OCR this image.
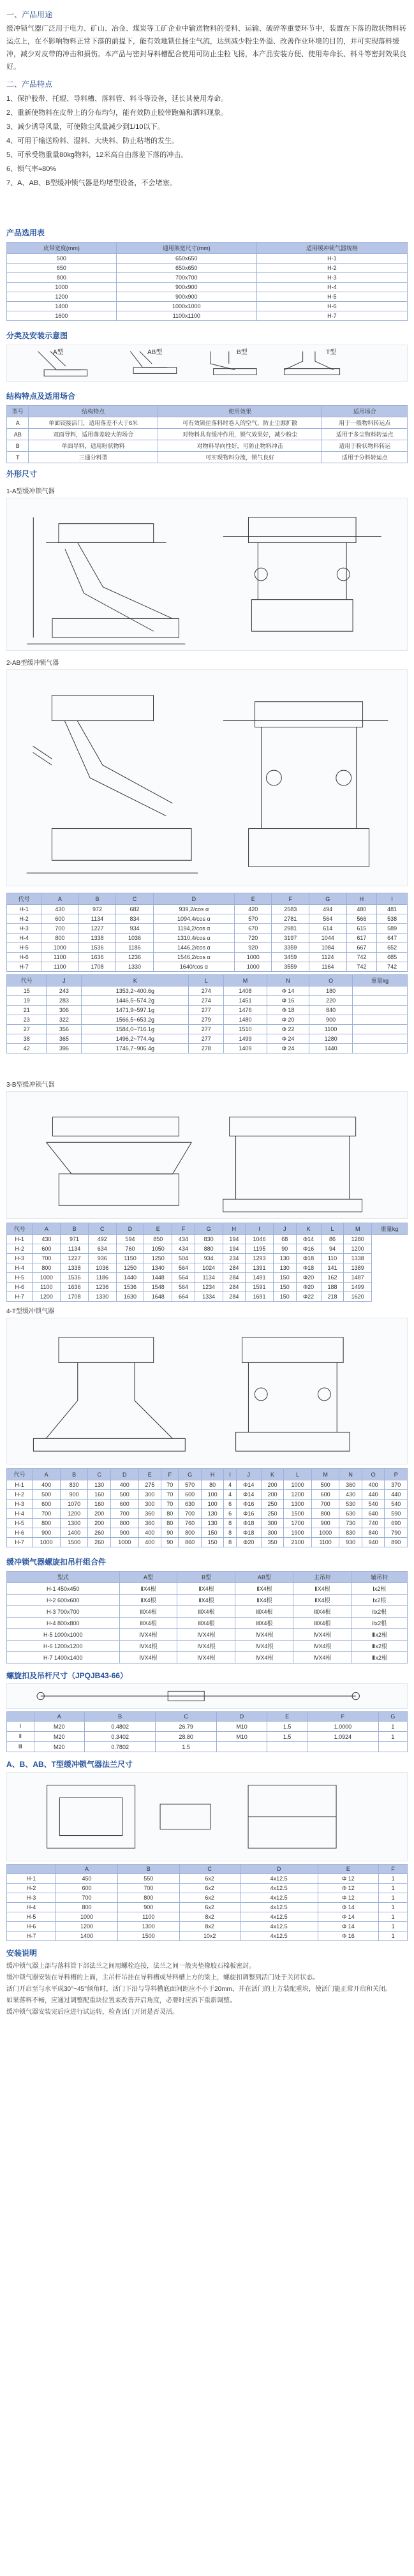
一、产品用途
缓冲锁气器广泛用于电力、矿山、冶金、煤炭等工矿企业中输送物料的受料、运输、破碎等重要环节中，装置在下落的散状物料转运点上，在不影响物料正常下落的前提下，能有效地锁住扬尘气流，达到减少粉尘外溢、改善作业环境的目的，并可实现落料缓冲，减少对皮带的冲击和损伤。本产品与密封导料槽配合使用可防止尘粒飞扬，本产品安装方便、使用寿命长、料斗等密封效果良好。
二、产品特点
1、保护胶带、托辊、导料槽、落料管、料斗等设备，延长其使用寿命。
2、重新使物料在皮带上的分布均匀，能有效防止胶带跑偏和洒料现象。
3、减少诱导风量，可使除尘风量减少到1/10以下。
4、可用于输送粉料、湿料、大块料、防止粘堵的发生。
5、可承受物重量80kg物料，12米高自由落差下落的冲击。
6、锁气率≈80%
7、A、AB、B型缓冲锁气器是均堵型设备，不会堵塞。
产品选用表
皮带宽度(mm)	通用架宽尺寸(mm)	适用缓冲锁气器规格
500	650x650	H-1
650	650x650	H-2
800	700x700	H-3
1000	900x900	H-4
1200	900x900	H-5
1400	1000x1000	H-6
1600	1100x1100	H-7
分类及安装示意图
A型	AB型	B型	T型
结构特点及适用场合
型号	结构特点	使用效果	适用场合
A	单面铰接活门，适用落差不大于6米	可有效锁住落料时卷入的空气，防止尘源扩散	用于一般物料转运点
AB	双面导料，适用落差较大的场合	对物料具有缓冲作用，锁气效果好，减少粉尘	适用于多尘物料转运点
B	单面导料，适用粉状物料	对物料导向性好，可防止物料冲击	适用于粉状物料转运
T	三通分料型	可实现物料分流，锁气良好	适用于分料转运点
外形尺寸
1-A型缓冲锁气器
2-AB型缓冲锁气器
代号	A	B	C	D	E	F	G	H	I
H-1	430	972	682	939,2/cos α	420	2583	494	480	481
H-2	600	1134	834	1094,4/cos α	570	2781	564	566	538
H-3	700	1227	934	1194,2/cos α	670	2981	614	615	589
H-4	800	1338	1036	1310,4/cos α	720	3197	1044	617	647
H-5	1000	1536	1186	1446,2/cos α	920	3359	1084	667	652
H-6	1100	1636	1236	1546,2/cos α	1000	3459	1124	742	685
H-7	1100	1708	1330	1640/cos α	1000	3559	1164	742	742
代号	J	K	L	M	N	O	重量kg
15	243	1353,2~400.6g	274	1408	Φ 14	180	
19	283	1446,5~574.2g	274	1451	Φ 16	220	
21	306	1471,9~597.1g	277	1476	Φ 18	840	
23	322	1566,5~653.2g	279	1480	Φ 20	900	
27	356	1584,0~716.1g	277	1510	Φ 22	1100	
38	365	1496,2~774.4g	277	1499	Φ 24	1280	
42	396	1746,7~906.4g	278	1409	Φ 24	1440	
3-B型缓冲锁气器
代号	A	B	C	D	E	F	G	H	I	J	K	L	M	重量kg
H-1	430	971	492	594	850	434	830	194	1046	68	Φ14	86	1280	
H-2	600	1134	634	760	1050	434	880	194	1195	90	Φ16	94	1200	
H-3	700	1227	936	1150	1250	504	934	234	1293	130	Φ18	110	1338	
H-4	800	1338	1036	1250	1340	564	1024	284	1391	130	Φ18	141	1389	
H-5	1000	1536	1186	1440	1448	564	1134	284	1491	150	Φ20	162	1487	
H-6	1100	1636	1236	1536	1548	564	1234	284	1591	150	Φ20	188	1499	
H-7	1200	1708	1330	1630	1648	664	1334	284	1691	150	Φ22	218	1620	
4-T型缓冲锁气器
代号	A	B	C	D	E	F	G	H	I	J	K	L	M	N	O	P
H-1	400	830	130	400	275	70	570	80	4	Φ14	200	1000	500	360	400	370
H-2	500	900	160	500	300	70	600	100	4	Φ14	200	1200	600	430	440	440
H-3	600	1070	160	600	300	70	630	100	6	Φ16	250	1300	700	530	540	540
H-4	700	1200	200	700	360	80	700	130	6	Φ16	250	1500	800	630	640	590
H-5	800	1300	200	800	360	80	760	130	8	Φ18	300	1700	900	730	740	690
H-6	900	1400	260	900	400	90	800	150	8	Φ18	300	1900	1000	830	840	790
H-7	1000	1500	260	1000	400	90	860	150	8	Φ20	350	2100	1100	930	940	890
缓冲锁气器螺旋扣吊杆组合件
型式	A型	B型	AB型	主吊杆	辅吊杆
H-1 450x450	ⅡX4根	ⅡX4根	ⅡX4根	ⅡX4根	Ⅰx2根
H-2 600x600	ⅡX4根	ⅡX4根	ⅡX4根	ⅡX4根	Ⅰx2根
H-3 700x700	ⅢX4根	ⅢX4根	ⅢX4根	ⅢX4根	Ⅱx2根
H-4 800x800	ⅢX4根	ⅢX4根	ⅢX4根	ⅢX4根	Ⅱx2根
H-5 1000x1000	ⅣX4根	ⅣX4根	ⅣX4根	ⅣX4根	Ⅲx2根
H-6 1200x1200	ⅣX4根	ⅣX4根	ⅣX4根	ⅣX4根	Ⅲx2根
H-7 1400x1400	ⅣX4根	ⅣX4根	ⅣX4根	ⅣX4根	Ⅲx2根
螺旋扣及吊杆尺寸（JPQJB43-66）
	A	B	C	D	E	F	G
Ⅰ	M20	0.4802	26.79	M10	1.5	1.0000	1
Ⅱ	M20	0.3402	28.80	M10	1.5	1.0924	1
Ⅲ	M20	0.7802	1.5				
A、B、AB、T型缓冲锁气器法兰尺寸
	A	B	C	D	E	F
H-1	450	550	6x2	4x12.5	Φ 12	1
H-2	600	700	6x2	4x12.5	Φ 12	1
H-3	700	800	6x2	4x12.5	Φ 12	1
H-4	800	900	6x2	4x12.5	Φ 14	1
H-5	1000	1100	8x2	4x12.5	Φ 14	1
H-6	1200	1300	8x2	4x12.5	Φ 14	1
H-7	1400	1500	10x2	4x12.5	Φ 16	1
安装说明
缓冲锁气器上部与落料管下部法兰之间用螺栓连接，法兰之间一般夹垫橡胶石棉板密封。
缓冲锁气器安装在导料槽的上面，主吊杆吊挂在导料槽或导料槽上方的梁上，螺旋扣调整到活门处于关闭状态。
活门开启至与水平成30°~45°倾角时，活门下沿与导料槽底面间距应不小于20mm，并在活门的上方装配重块，使活门能正常开启和关闭。
如果落料不畅，应通过调整配重块位置来改善开启角度，必要时应拆下重新调整。
缓冲锁气器安装完后应进行试运转，检查活门开闭是否灵活。
